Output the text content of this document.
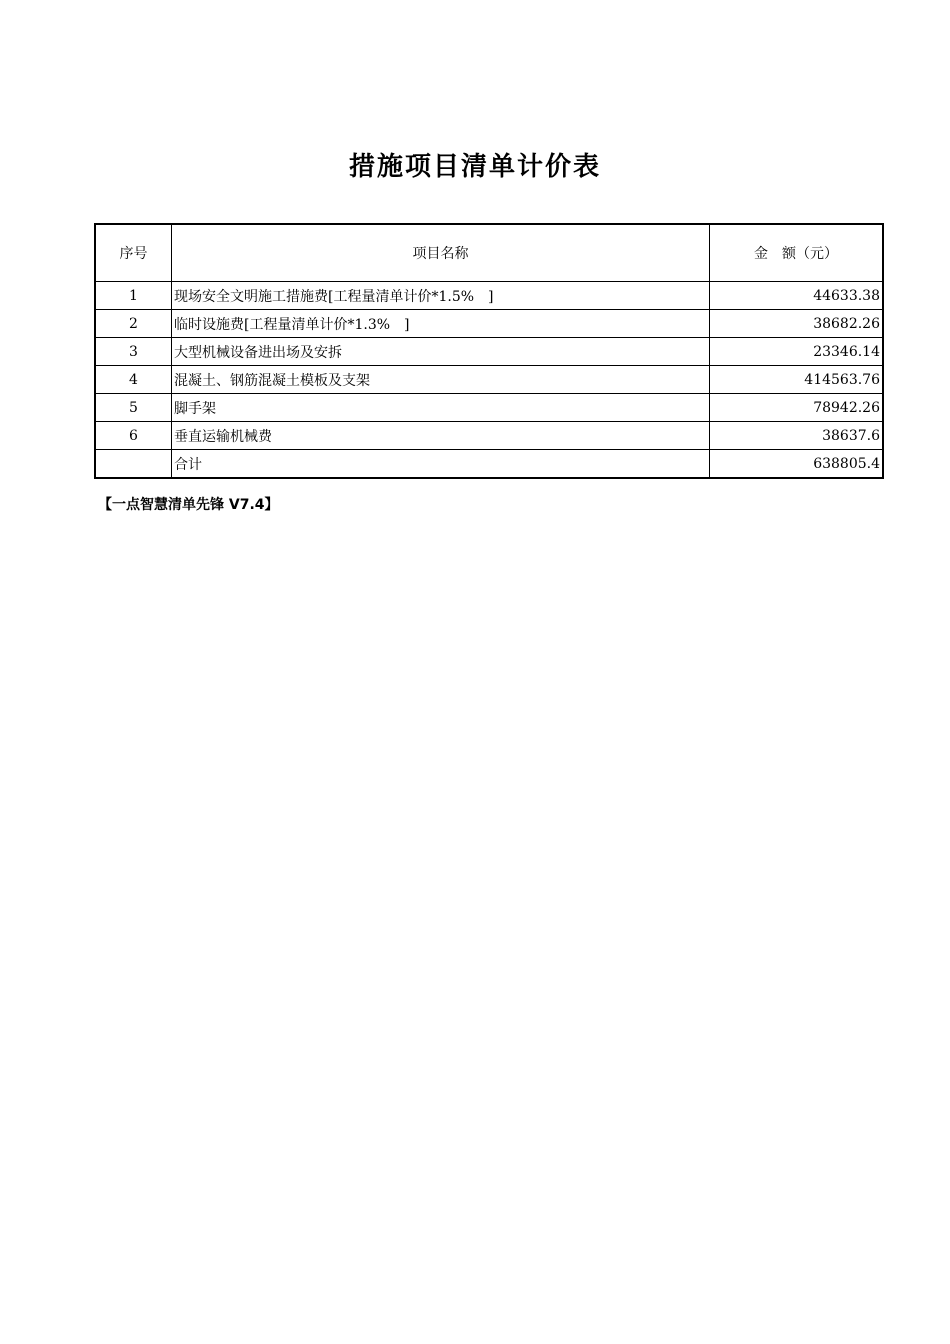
措施项目清单计价表
序号	项目名称	金　额（元）
1	现场安全文明施工措施费[工程量清单计价*1.5%　]	44633.38
2	临时设施费[工程量清单计价*1.3%　]	38682.26
3	大型机械设备进出场及安拆	23346.14
4	混凝土、钢筋混凝土模板及支架	414563.76
5	脚手架	78942.26
6	垂直运输机械费	38637.6
	合计	638805.4
【一点智慧清单先锋 V7.4】
